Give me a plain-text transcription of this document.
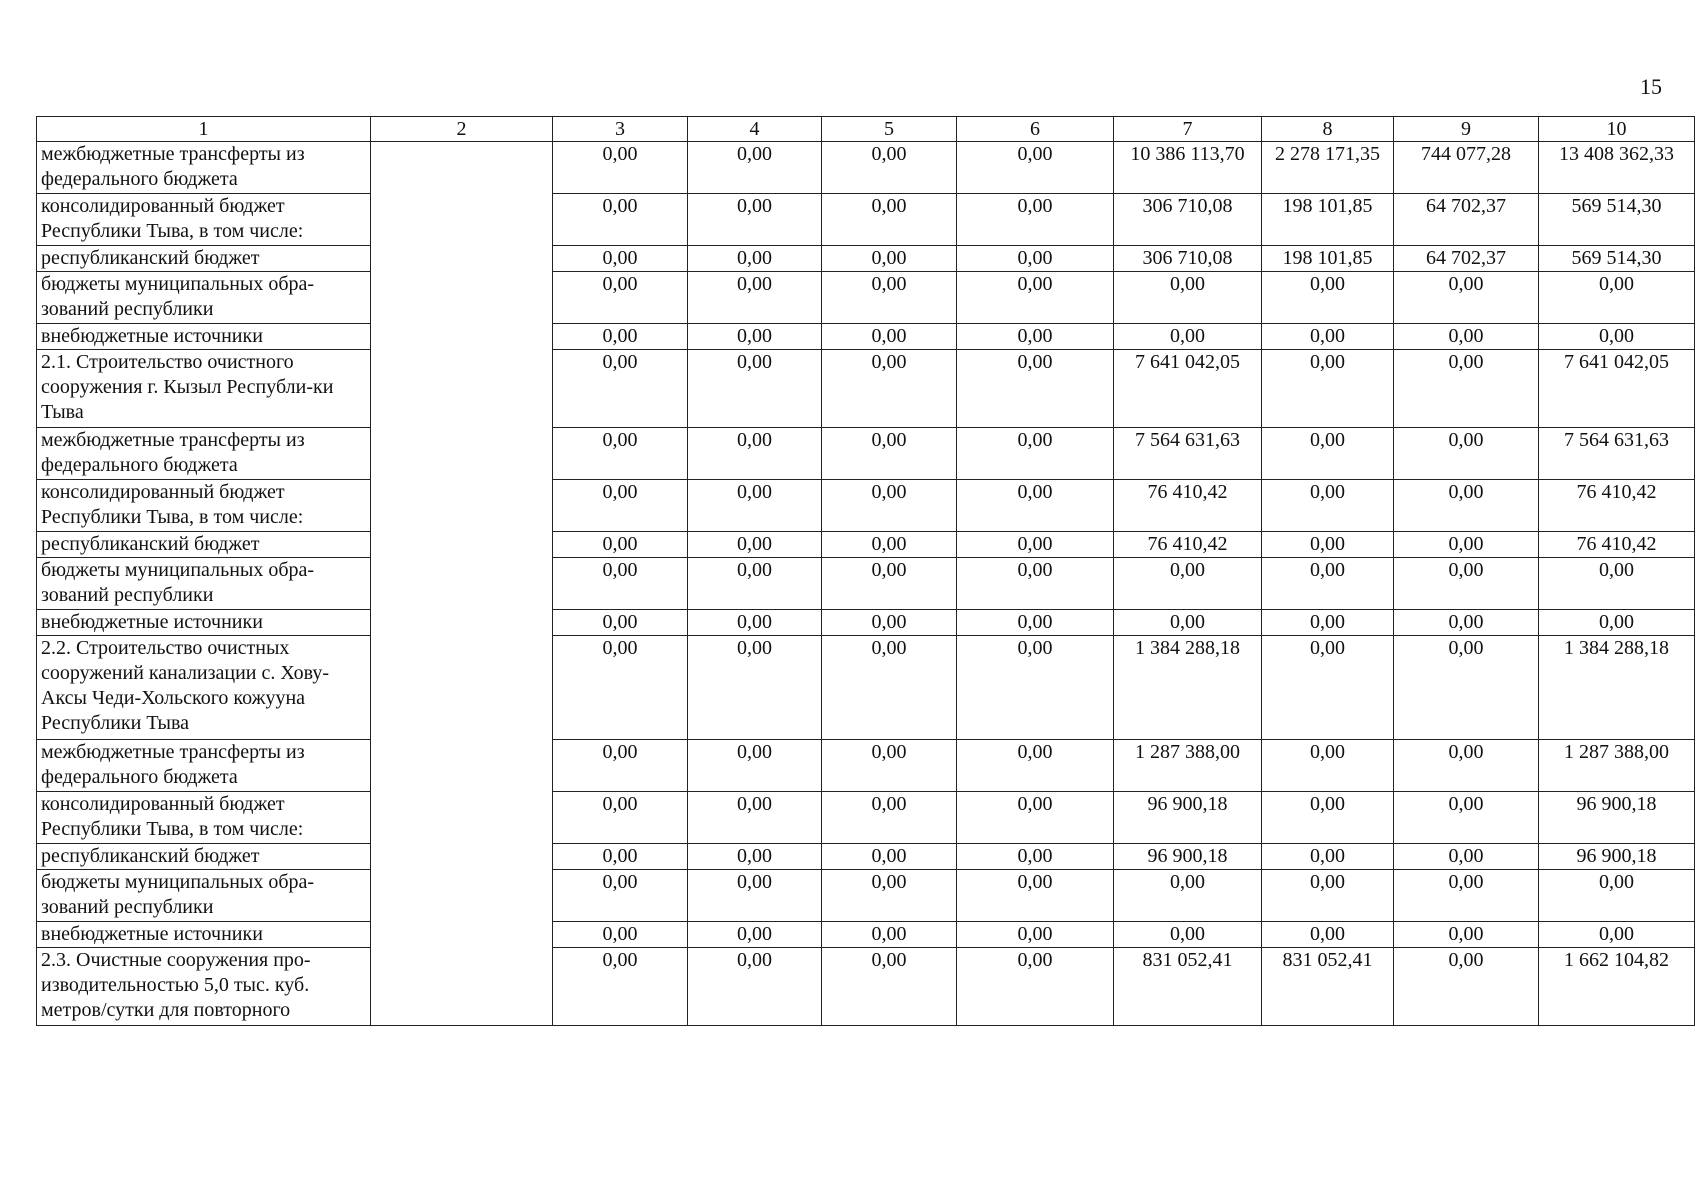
15
1	2	3	4	5	6	7	8	9	10
межбюджетные трансферты из федерального бюджета		0,00	0,00	0,00	0,00	10 386 113,70	2 278 171,35	744 077,28	13 408 362,33
консолидированный бюджет Республики Тыва, в том числе:		0,00	0,00	0,00	0,00	306 710,08	198 101,85	64 702,37	569 514,30
республиканский бюджет		0,00	0,00	0,00	0,00	306 710,08	198 101,85	64 702,37	569 514,30
бюджеты муниципальных обра-зований республики		0,00	0,00	0,00	0,00	0,00	0,00	0,00	0,00
внебюджетные источники		0,00	0,00	0,00	0,00	0,00	0,00	0,00	0,00
2.1. Строительство очистного сооружения г. Кызыл Республи-ки Тыва		0,00	0,00	0,00	0,00	7 641 042,05	0,00	0,00	7 641 042,05
межбюджетные трансферты из федерального бюджета		0,00	0,00	0,00	0,00	7 564 631,63	0,00	0,00	7 564 631,63
консолидированный бюджет Республики Тыва, в том числе:		0,00	0,00	0,00	0,00	76 410,42	0,00	0,00	76 410,42
республиканский бюджет		0,00	0,00	0,00	0,00	76 410,42	0,00	0,00	76 410,42
бюджеты муниципальных обра-зований республики		0,00	0,00	0,00	0,00	0,00	0,00	0,00	0,00
внебюджетные источники		0,00	0,00	0,00	0,00	0,00	0,00	0,00	0,00
2.2. Строительство очистных сооружений канализации с. Хову-Аксы Чеди-Хольского кожууна Республики Тыва		0,00	0,00	0,00	0,00	1 384 288,18	0,00	0,00	1 384 288,18
межбюджетные трансферты из федерального бюджета		0,00	0,00	0,00	0,00	1 287 388,00	0,00	0,00	1 287 388,00
консолидированный бюджет Республики Тыва, в том числе:		0,00	0,00	0,00	0,00	96 900,18	0,00	0,00	96 900,18
республиканский бюджет		0,00	0,00	0,00	0,00	96 900,18	0,00	0,00	96 900,18
бюджеты муниципальных обра-зований республики		0,00	0,00	0,00	0,00	0,00	0,00	0,00	0,00
внебюджетные источники		0,00	0,00	0,00	0,00	0,00	0,00	0,00	0,00
2.3. Очистные сооружения про-изводительностью 5,0 тыс. куб. метров/сутки для повторного		0,00	0,00	0,00	0,00	831 052,41	831 052,41	0,00	1 662 104,82
